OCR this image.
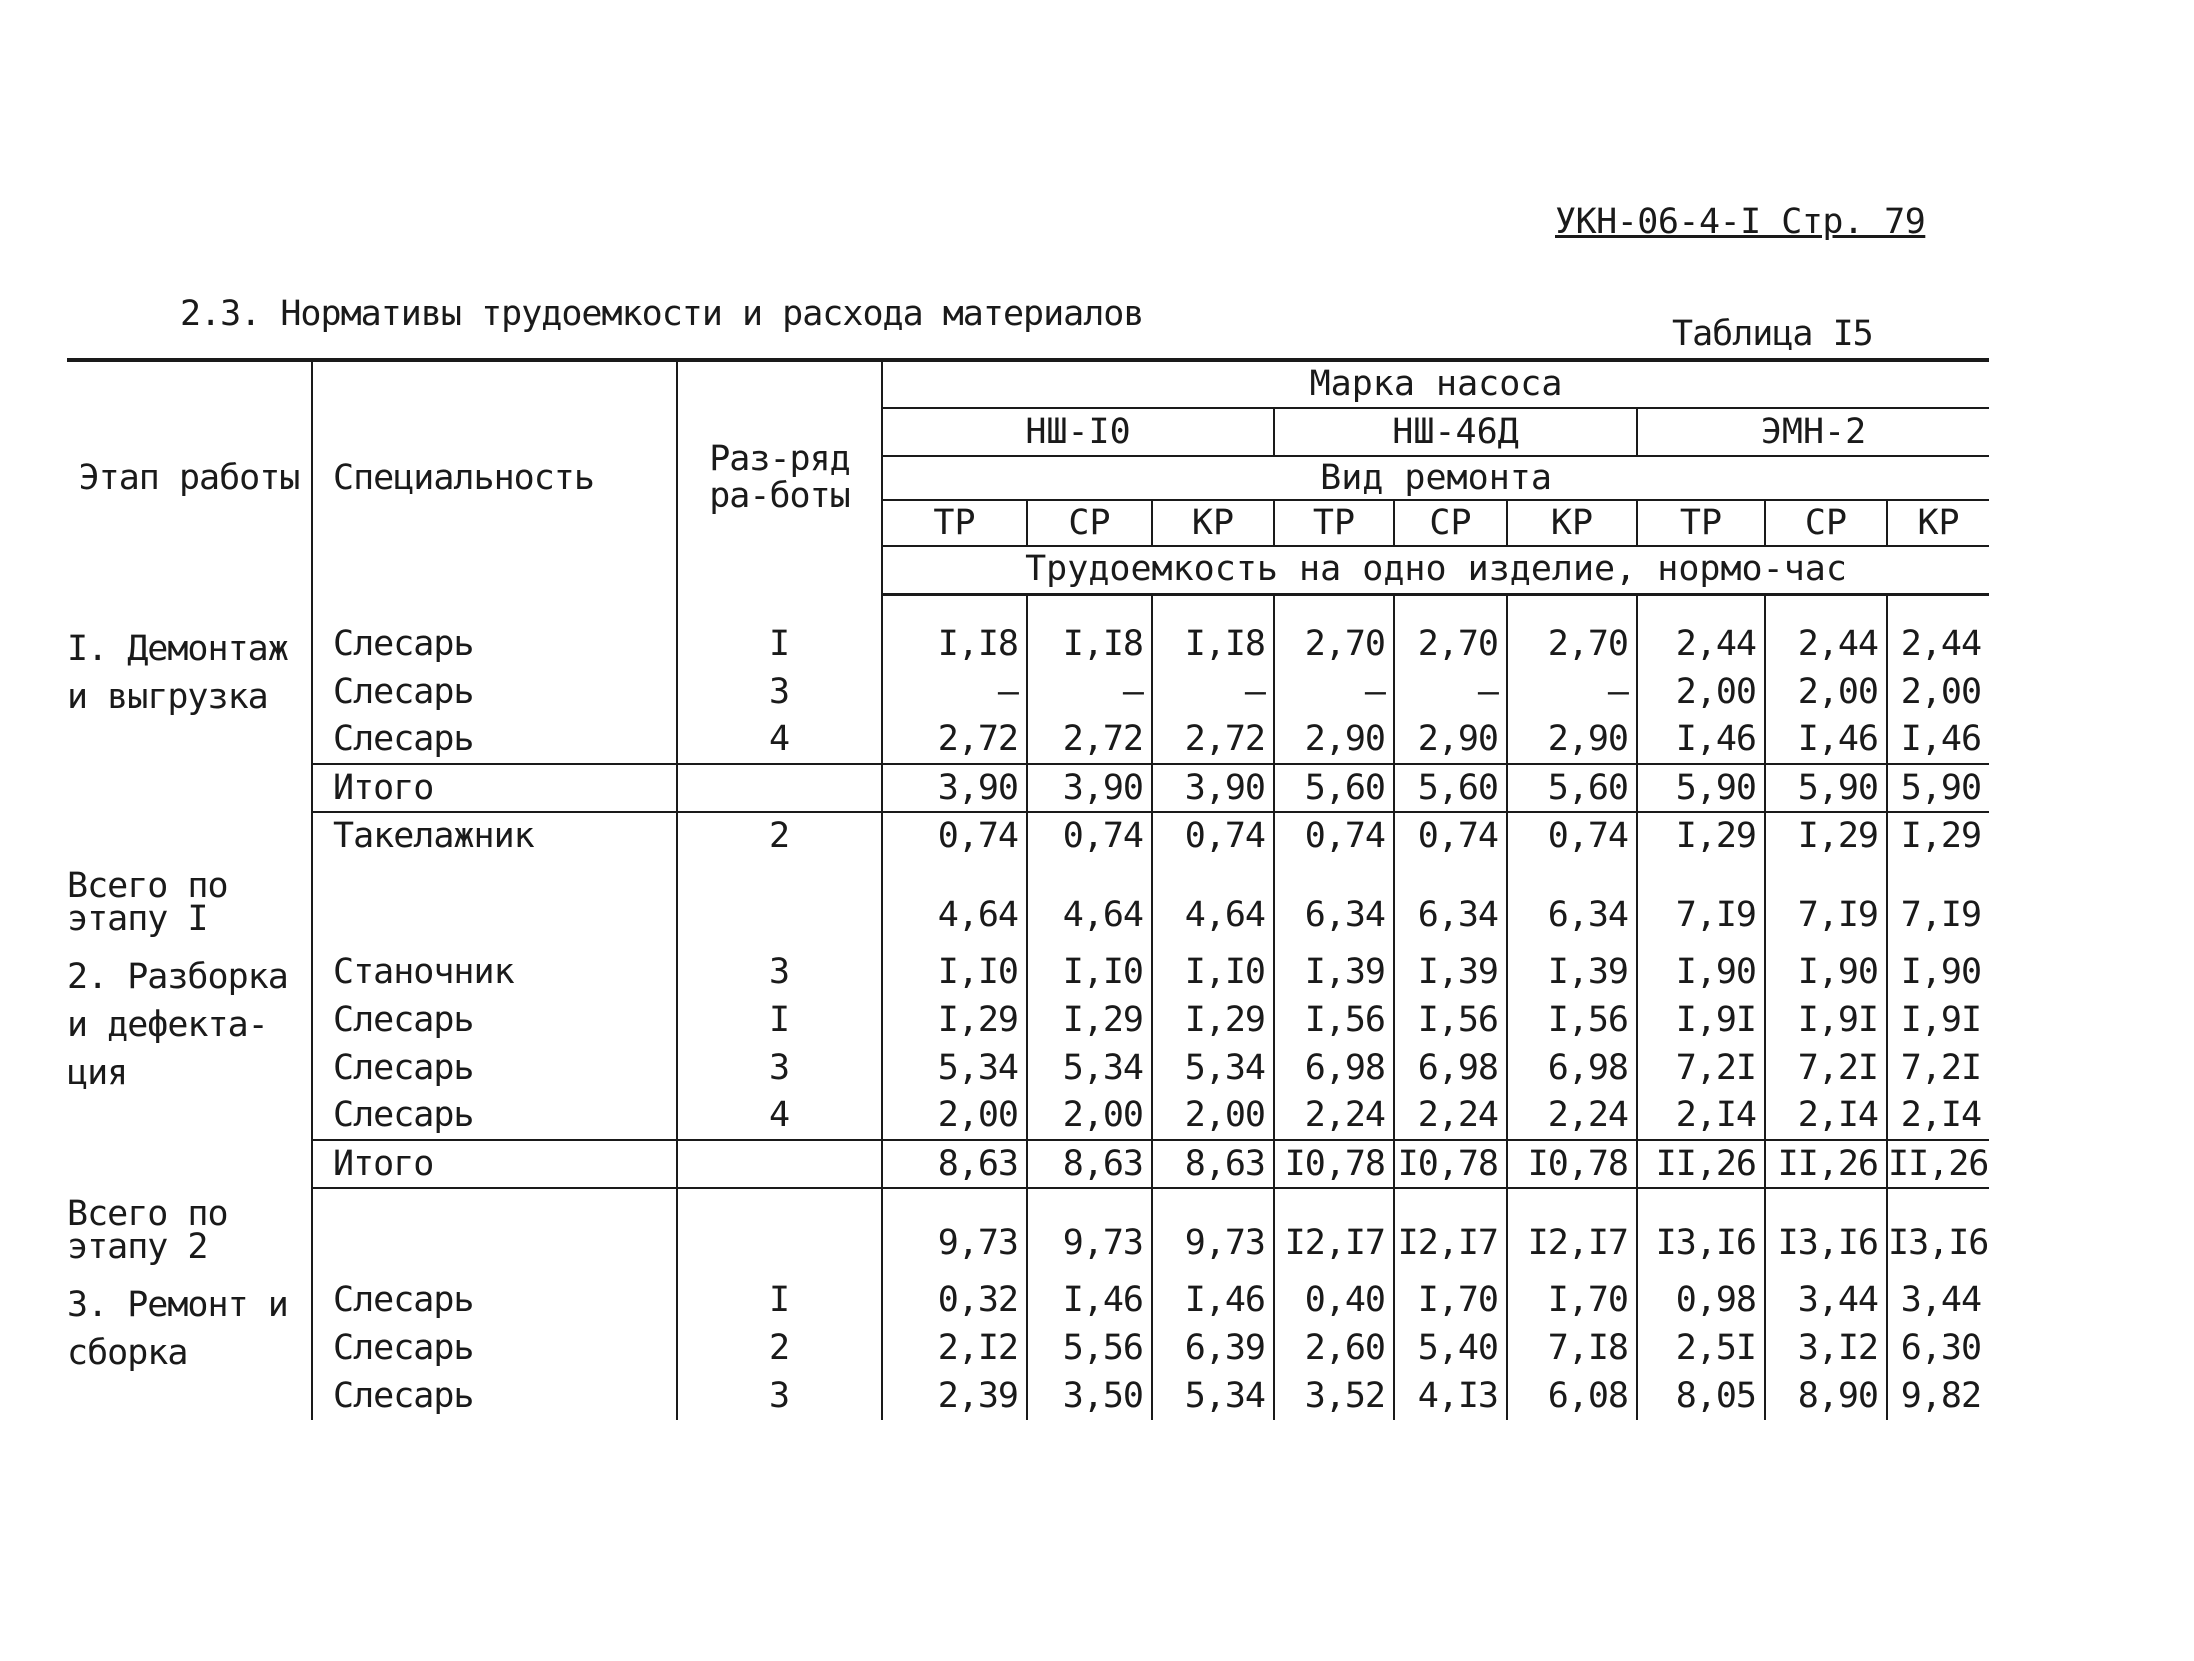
УКН-06-4-I Стр. 79
2.3. Нормативы трудоемкости и расхода материалов	Таблица I5
Этап работы	Специальность	Раз-ряд ра-боты	Марка насоса								
			НШ-I0			НШ-46Д			ЭМН-2		
			Вид ремонта								
			ТР	СР	КР	ТР	СР	КР	ТР	СР	КР
			Трудоемкость на одно изделие, нормо-час								

I. Демонтаж и выгрузка	Слесарь	I	I,I8	I,I8	I,I8	2,70	2,70	2,70	2,44	2,44	2,44
	Слесарь	3	–	–	–	–	–	–	2,00	2,00	2,00
	Слесарь	4	2,72	2,72	2,72	2,90	2,90	2,90	I,46	I,46	I,46
	Итого		3,90	3,90	3,90	5,60	5,60	5,60	5,90	5,90	5,90
	Такелажник	2	0,74	0,74	0,74	0,74	0,74	0,74	I,29	I,29	I,29

Всего по этапу I			4,64	4,64	4,64	6,34	6,34	6,34	7,I9	7,I9	7,I9

2. Разборка и дефекта-ция	Станочник	3	I,I0	I,I0	I,I0	I,39	I,39	I,39	I,90	I,90	I,90
	Слесарь	I	I,29	I,29	I,29	I,56	I,56	I,56	I,9I	I,9I	I,9I
	Слесарь	3	5,34	5,34	5,34	6,98	6,98	6,98	7,2I	7,2I	7,2I
	Слесарь	4	2,00	2,00	2,00	2,24	2,24	2,24	2,I4	2,I4	2,I4
	Итого		8,63	8,63	8,63	I0,78	I0,78	I0,78	II,26	II,26	II,26

Всего по этапу 2			9,73	9,73	9,73	I2,I7	I2,I7	I2,I7	I3,I6	I3,I6	I3,I6

3. Ремонт и сборка	Слесарь	I	0,32	I,46	I,46	0,40	I,70	I,70	0,98	3,44	3,44
	Слесарь	2	2,I2	5,56	6,39	2,60	5,40	7,I8	2,5I	3,I2	6,30
	Слесарь	3	2,39	3,50	5,34	3,52	4,I3	6,08	8,05	8,90	9,82
